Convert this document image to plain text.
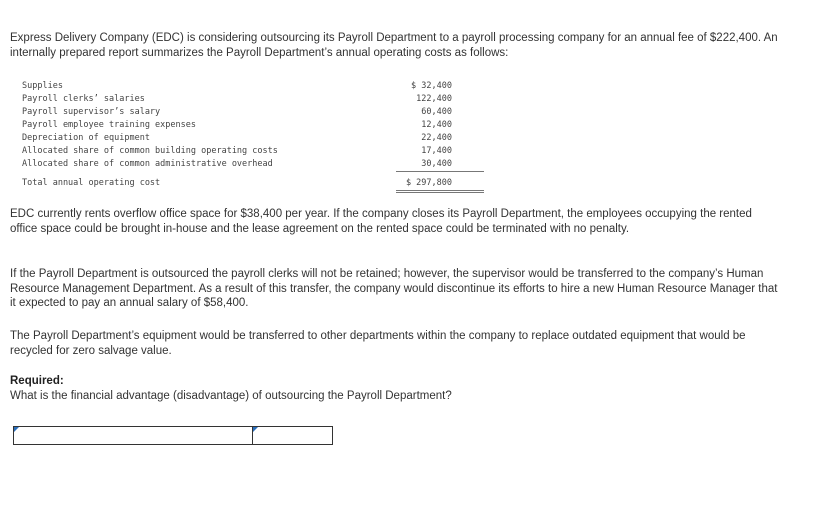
Express Delivery Company (EDC) is considering outsourcing its Payroll Department to a payroll processing company for an annual fee of $222,400. An internally prepared report summarizes the Payroll Department’s annual operating costs as follows:

Supplies	$ 32,400
Payroll clerks’ salaries	122,400
Payroll supervisor’s salary	60,400
Payroll employee training expenses	12,400
Depreciation of equipment	22,400
Allocated share of common building operating costs	17,400
Allocated share of common administrative overhead	30,400
Total annual operating cost	$ 297,800

EDC currently rents overflow office space for $38,400 per year. If the company closes its Payroll Department, the employees occupying the rented office space could be brought in-house and the lease agreement on the rented space could be terminated with no penalty.

If the Payroll Department is outsourced the payroll clerks will not be retained; however, the supervisor would be transferred to the company’s Human Resource Management Department. As a result of this transfer, the company would discontinue its efforts to hire a new Human Resource Manager that it expected to pay an annual salary of $58,400.

The Payroll Department’s equipment would be transferred to other departments within the company to replace outdated equipment that would be recycled for zero salvage value.

Required:

What is the financial advantage (disadvantage) of outsourcing the Payroll Department?
